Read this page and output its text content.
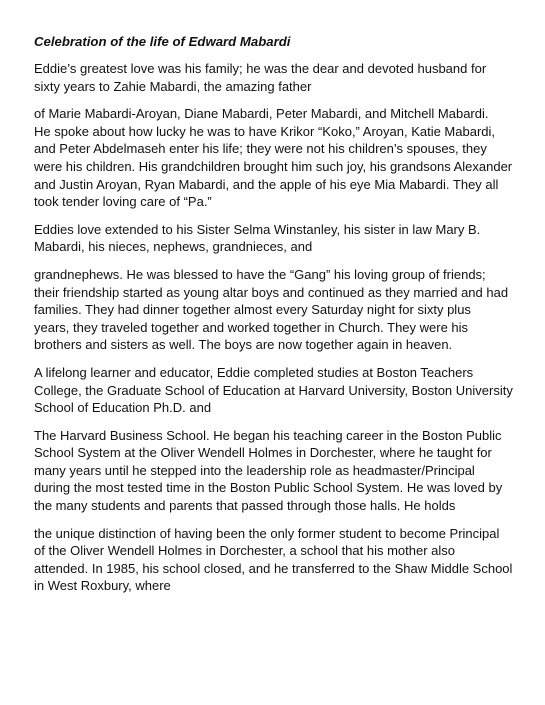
Celebration of the life of Edward Mabardi
Eddie’s greatest love was his family; he was the dear and devoted husband for
sixty years to Zahie Mabardi, the amazing father
of Marie Mabardi-Aroyan, Diane Mabardi, Peter Mabardi, and Mitchell Mabardi.
He spoke about how lucky he was to have Krikor “Koko,” Aroyan, Katie Mabardi,
and Peter Abdelmaseh enter his life; they were not his children’s spouses, they
were his children. His grandchildren brought him such joy, his grandsons Alexander
and Justin Aroyan, Ryan Mabardi, and the apple of his eye Mia Mabardi. They all
took tender loving care of “Pa.”
Eddies love extended to his Sister Selma Winstanley, his sister in law Mary B.
Mabardi, his nieces, nephews, grandnieces, and
grandnephews. He was blessed to have the “Gang” his loving group of friends;
their friendship started as young altar boys and continued as they married and had
families. They had dinner together almost every Saturday night for sixty plus
years, they traveled together and worked together in Church. They were his
brothers and sisters as well. The boys are now together again in heaven.
A lifelong learner and educator, Eddie completed studies at Boston Teachers
College, the Graduate School of Education at Harvard University, Boston University
School of Education Ph.D. and
The Harvard Business School. He began his teaching career in the Boston Public
School System at the Oliver Wendell Holmes in Dorchester, where he taught for
many years until he stepped into the leadership role as headmaster/Principal
during the most tested time in the Boston Public School System. He was loved by
the many students and parents that passed through those halls. He holds
the unique distinction of having been the only former student to become Principal
of the Oliver Wendell Holmes in Dorchester, a school that his mother also
attended. In 1985, his school closed, and he transferred to the Shaw Middle School
in West Roxbury, where
